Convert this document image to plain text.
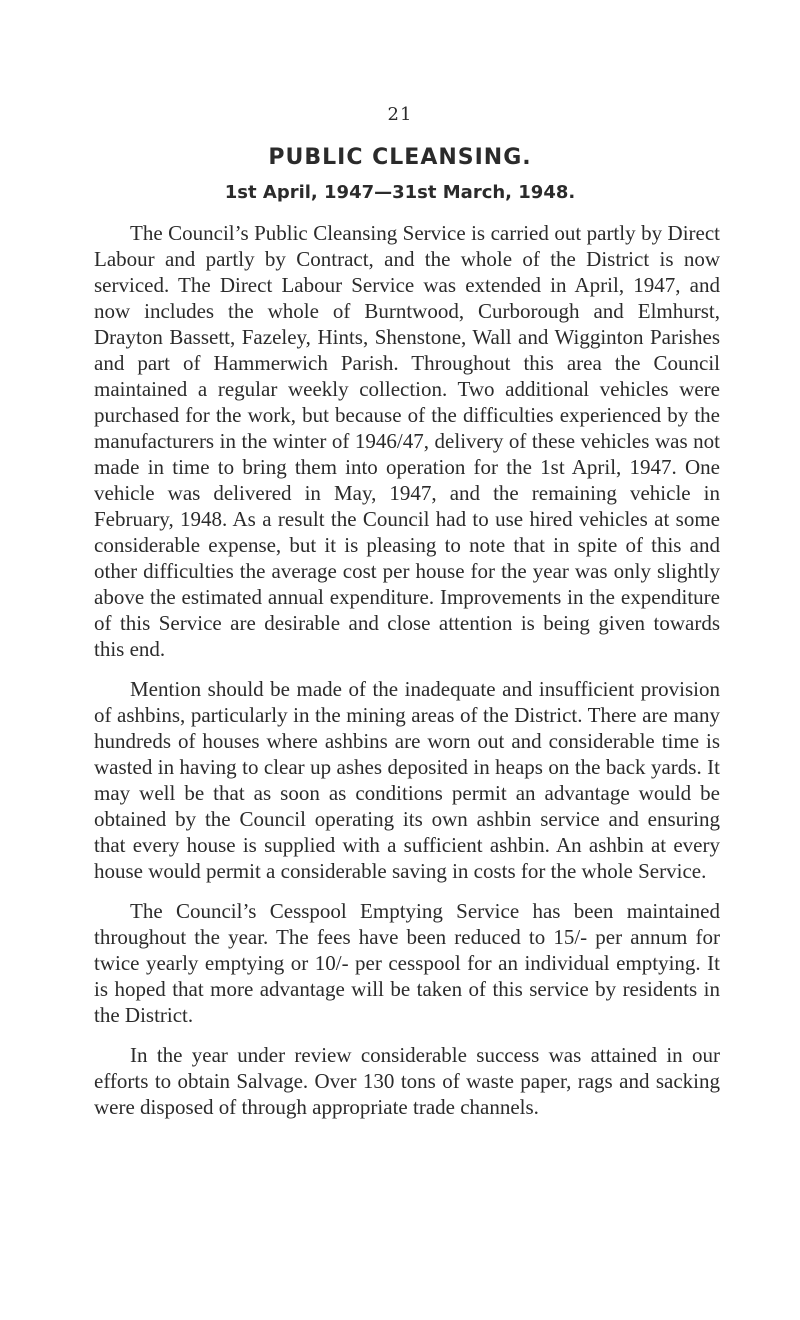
21
PUBLIC CLEANSING.
1st April, 1947—31st March, 1948.

The Council’s Public Cleansing Service is carried out partly by Direct Labour and partly by Contract, and the whole of the District is now serviced. The Direct Labour Service was extended in April, 1947, and now includes the whole of Burntwood, Curborough and Elmhurst, Drayton Bassett, Fazeley, Hints, Shenstone, Wall and Wigginton Parishes and part of Hammerwich Parish. Throughout this area the Council maintained a regular weekly collection. Two additional vehicles were purchased for the work, but because of the difficulties experienced by the manufacturers in the winter of 1946/47, delivery of these vehicles was not made in time to bring them into operation for the 1st April, 1947. One vehicle was delivered in May, 1947, and the remaining vehicle in February, 1948. As a result the Council had to use hired vehicles at some considerable expense, but it is pleasing to note that in spite of this and other difficulties the average cost per house for the year was only slightly above the estimated annual expenditure. Improvements in the expenditure of this Service are desirable and close attention is being given towards this end.

Mention should be made of the inadequate and insufficient provision of ashbins, particularly in the mining areas of the District. There are many hundreds of houses where ashbins are worn out and considerable time is wasted in having to clear up ashes deposited in heaps on the back yards. It may well be that as soon as conditions permit an advantage would be obtained by the Council operating its own ashbin service and ensuring that every house is supplied with a sufficient ashbin. An ashbin at every house would permit a considerable saving in costs for the whole Service.

The Council’s Cesspool Emptying Service has been maintained throughout the year. The fees have been reduced to 15/- per annum for twice yearly emptying or 10/- per cesspool for an individual emptying. It is hoped that more advantage will be taken of this service by residents in the District.

In the year under review considerable success was attained in our efforts to obtain Salvage. Over 130 tons of waste paper, rags and sacking were disposed of through appropriate trade channels.
